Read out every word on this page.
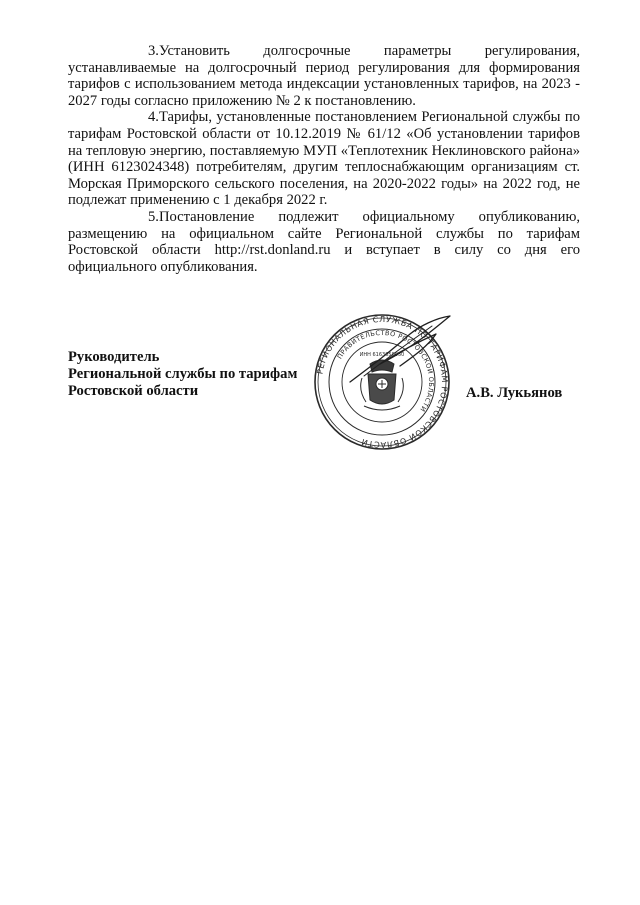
3.Установить долгосрочные параметры регулирования, устанавливаемые на долгосрочный период регулирования для формирования тарифов с использованием метода индексации установленных тарифов, на 2023 - 2027 годы согласно приложению № 2 к постановлению.

4.Тарифы, установленные постановлением Региональной службы по тарифам Ростовской области от 10.12.2019 № 61/12 «Об установлении тарифов на тепловую энергию, поставляемую МУП «Теплотехник Неклиновского района» (ИНН 6123024348) потребителям, другим теплоснабжающим организациям ст. Морская Приморского сельского поселения, на 2020-2022 годы» на 2022 год, не подлежат применению с 1 декабря 2022 г.

5.Постановление подлежит официальному опубликованию, размещению на официальном сайте Региональной службы по тарифам Ростовской области http://rst.donland.ru и вступает в силу со дня его официального опубликования.

Руководитель
Региональной службы по тарифам
Ростовской области
РЕГИОНАЛЬНАЯ СЛУЖБА ПО ТАРИФАМ РОСТОВСКОЙ ОБЛАСТИ
ПРАВИТЕЛЬСТВО РОСТОВСКОЙ ОБЛАСТИ
ИНН 6163058050
А.В. Лукьянов
